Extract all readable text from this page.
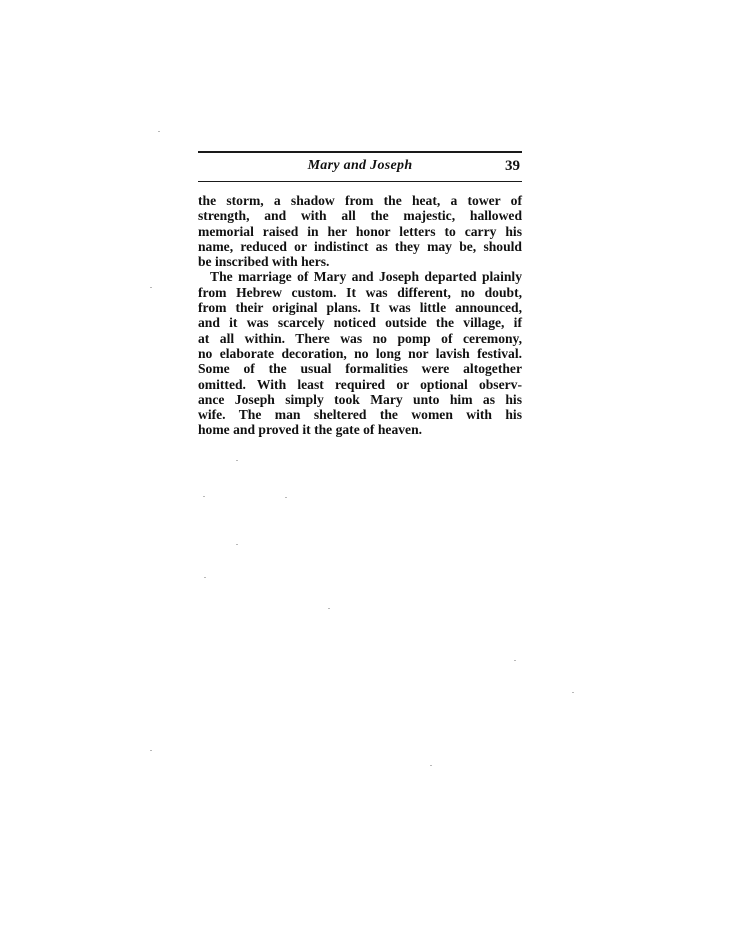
Mary and Joseph	39
the storm, a shadow from the heat, a tower of
strength, and with all the majestic, hallowed
memorial raised in her honor letters to carry his
name, reduced or indistinct as they may be, should
be inscribed with hers.
The marriage of Mary and Joseph departed plainly
from Hebrew custom. It was different, no doubt,
from their original plans. It was little announced,
and it was scarcely noticed outside the village, if
at all within. There was no pomp of ceremony,
no elaborate decoration, no long nor lavish festival.
Some of the usual formalities were altogether
omitted. With least required or optional observ-
ance Joseph simply took Mary unto him as his
wife. The man sheltered the women with his
home and proved it the gate of heaven.
